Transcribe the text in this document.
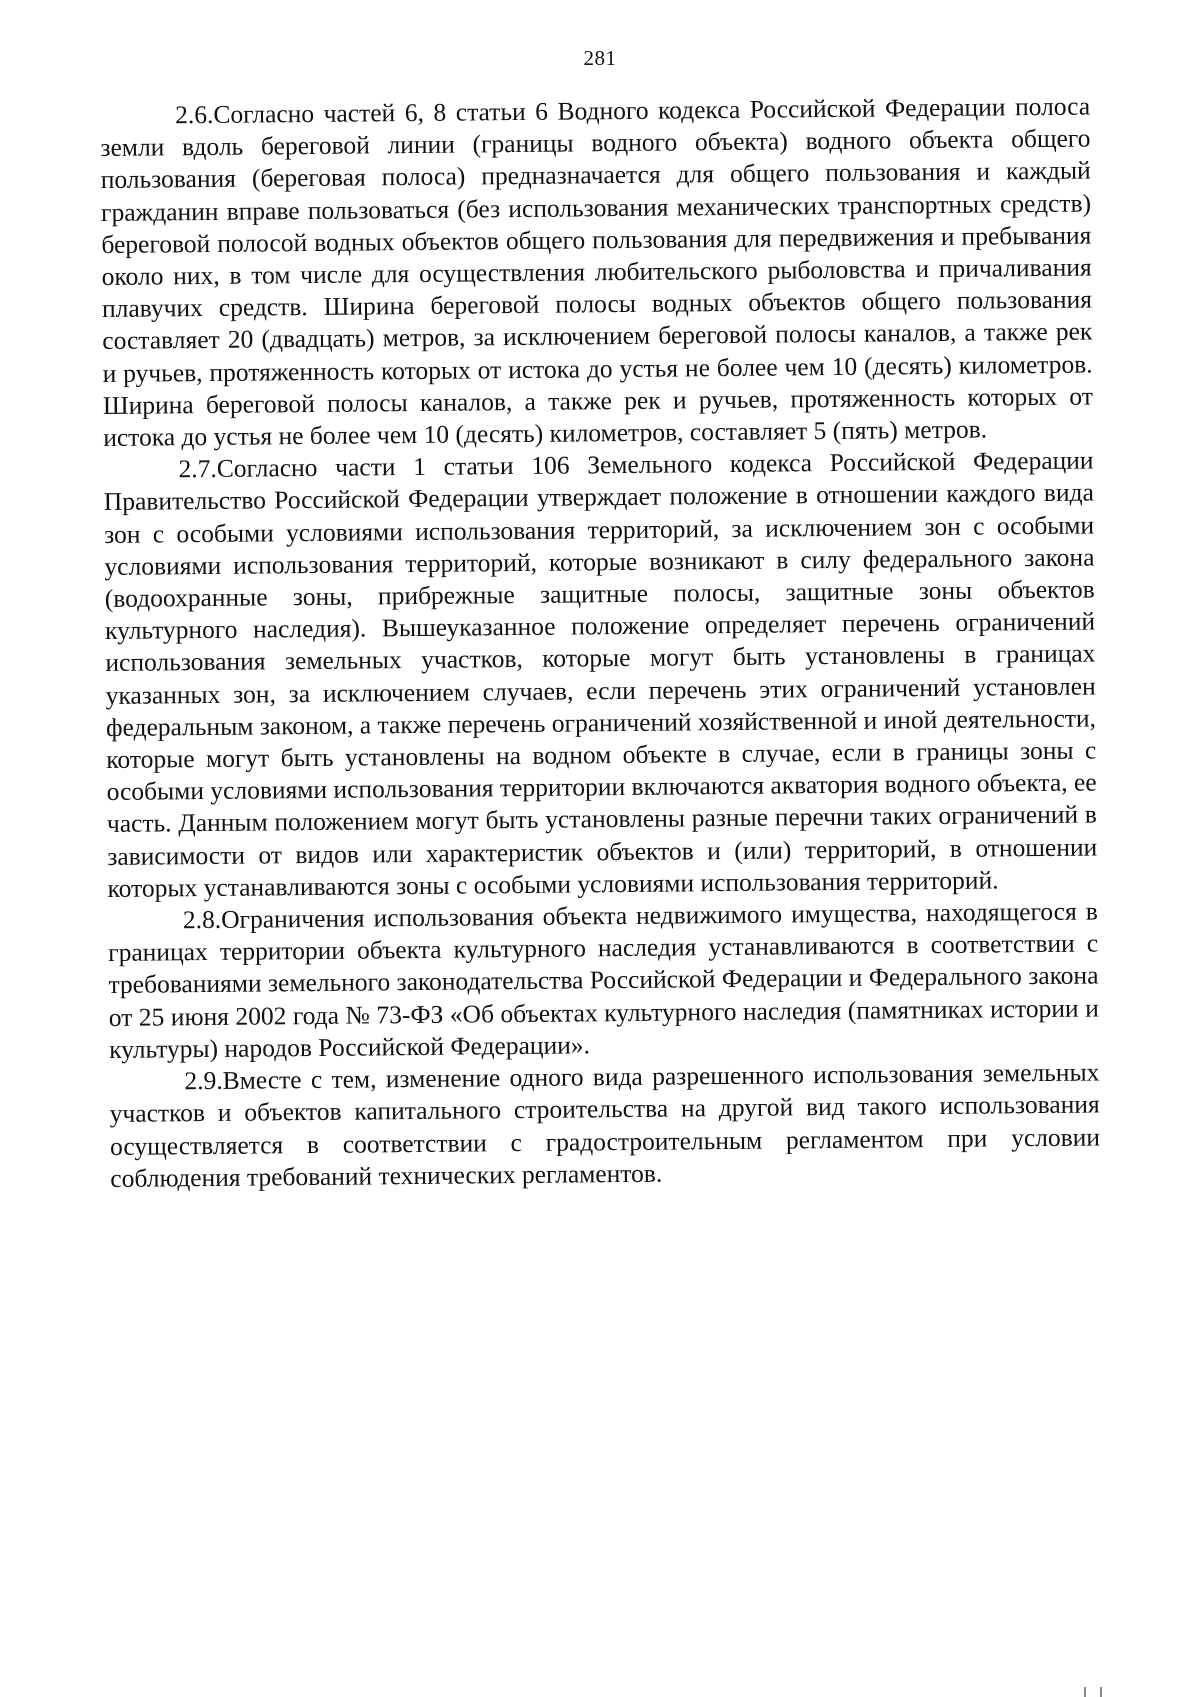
281

2.6.Согласно частей 6, 8 статьи 6 Водного кодекса Российской Федерации полоса земли вдоль береговой линии (границы водного объекта) водного объекта общего пользования (береговая полоса) предназначается для общего пользования и каждый гражданин вправе пользоваться (без использования механических транспортных средств) береговой полосой водных объектов общего пользования для передвижения и пребывания около них, в том числе для осуществления любительского рыболовства и причаливания плавучих средств. Ширина береговой полосы водных объектов общего пользования составляет 20 (двадцать) метров, за исключением береговой полосы каналов, а также рек и ручьев, протяженность которых от истока до устья не более чем 10 (десять) километров. Ширина береговой полосы каналов, а также рек и ручьев, протяженность которых от истока до устья не более чем 10 (десять) километров, составляет 5 (пять) метров.

2.7.Согласно части 1 статьи 106 Земельного кодекса Российской Федерации Правительство Российской Федерации утверждает положение в отношении каждого вида зон с особыми условиями использования территорий, за исключением зон с особыми условиями использования территорий, которые возникают в силу федерального закона (водоохранные зоны, прибрежные защитные полосы, защитные зоны объектов культурного наследия). Вышеуказанное положение определяет перечень ограничений использования земельных участков, которые могут быть установлены в границах указанных зон, за исключением случаев, если перечень этих ограничений установлен федеральным законом, а также перечень ограничений хозяйственной и иной деятельности, которые могут быть установлены на водном объекте в случае, если в границы зоны с особыми условиями использования территории включаются акватория водного объекта, ее часть. Данным положением могут быть установлены разные перечни таких ограничений в зависимости от видов или характеристик объектов и (или) территорий, в отношении которых устанавливаются зоны с особыми условиями использования территорий.

2.8.Ограничения использования объекта недвижимого имущества, находящегося в границах территории объекта культурного наследия устанавливаются в соответствии с требованиями земельного законодательства Российской Федерации и Федерального закона от 25 июня 2002 года № 73-ФЗ «Об объектах культурного наследия (памятниках истории и культуры) народов Российской Федерации».

2.9.Вместе с тем, изменение одного вида разрешенного использования земельных участков и объектов капитального строительства на другой вид такого использования осуществляется в соответствии с градостроительным регламентом при условии соблюдения требований технических регламентов.
